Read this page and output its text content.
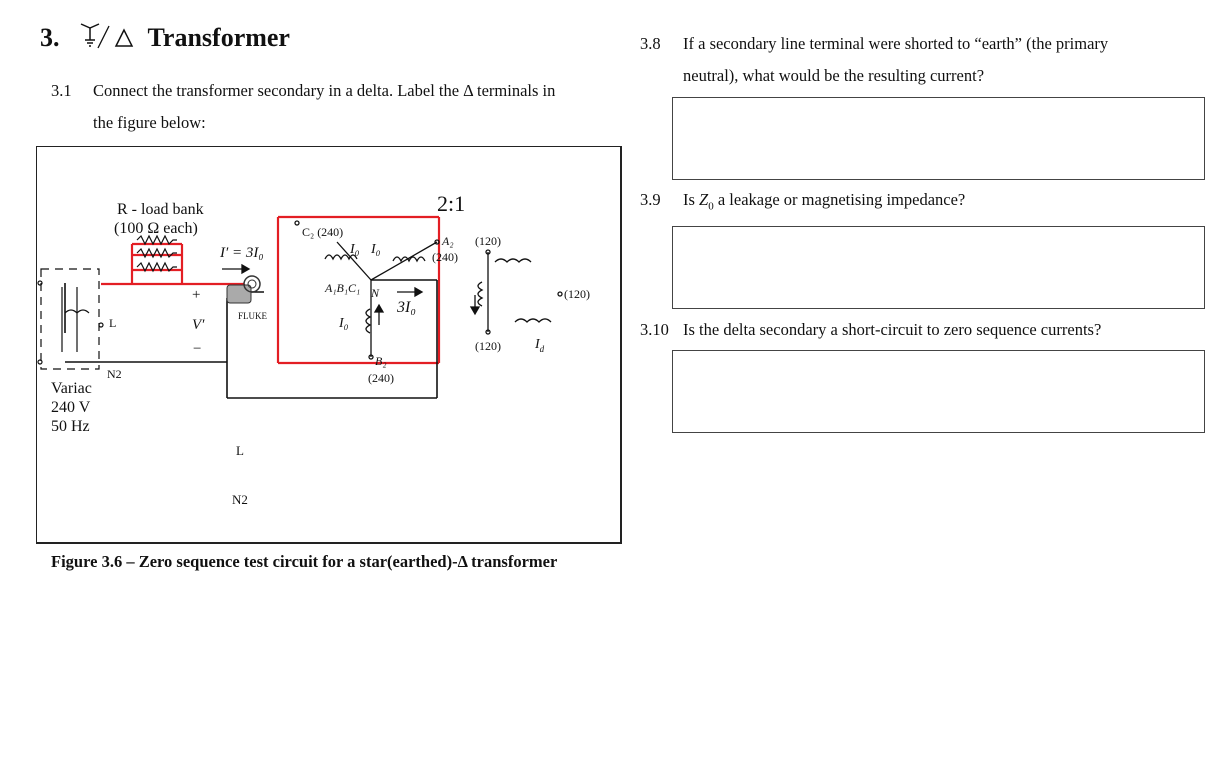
3.	Transformer
3.1 Connect the transformer secondary in a delta. Label the Δ terminals in
the figure below:
R - load bank
(100 Ω each)
I′ = 3I₀
2:1
C₂ (240)
I₀ I₀
A₂
(240)
(120)
A₁B₁C₁ N
3I₀
I₀
B₂
(240)
+
V′
−
FLUKE
L
N2
Variac
240 V
50 Hz
(120)
(120) $I_d$
L
N2
Figure 3.6 – Zero sequence test circuit for a star(earthed)-Δ transformer
3.8 If a secondary line terminal were shorted to “earth” (the primary
neutral), what would be the resulting current?
3.9 Is $Z_0$ a leakage or magnetising impedance?
3.10 Is the delta secondary a short-circuit to zero sequence currents?
